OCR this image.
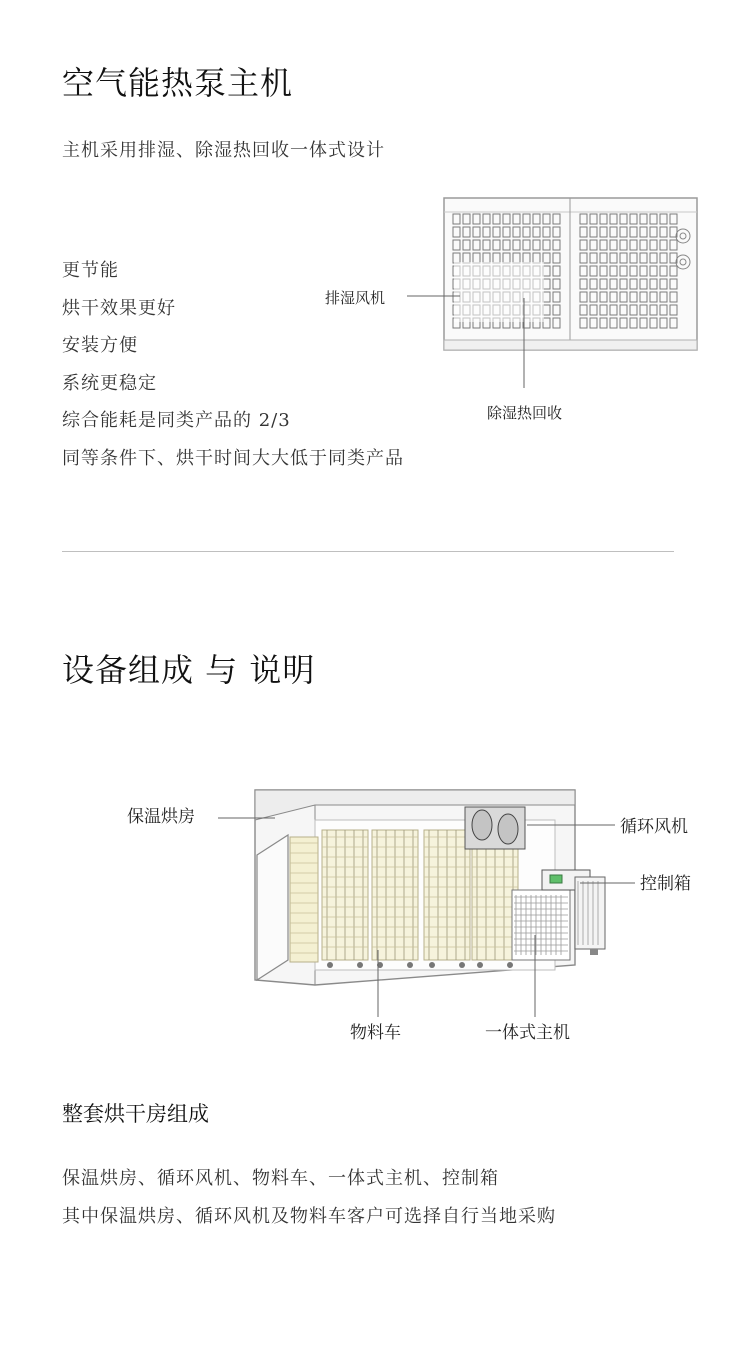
空气能热泵主机
主机采用排湿、除湿热回收一体式设计
更节能
烘干效果更好
安装方便
系统更稳定
综合能耗是同类产品的 2/3
同等条件下、烘干时间大大低于同类产品
排湿风机
除湿热回收
设备组成 与 说明
保温烘房	循环风机
控制箱
物料车	一体式主机
整套烘干房组成
保温烘房、循环风机、物料车、一体式主机、控制箱
其中保温烘房、循环风机及物料车客户可选择自行当地采购
